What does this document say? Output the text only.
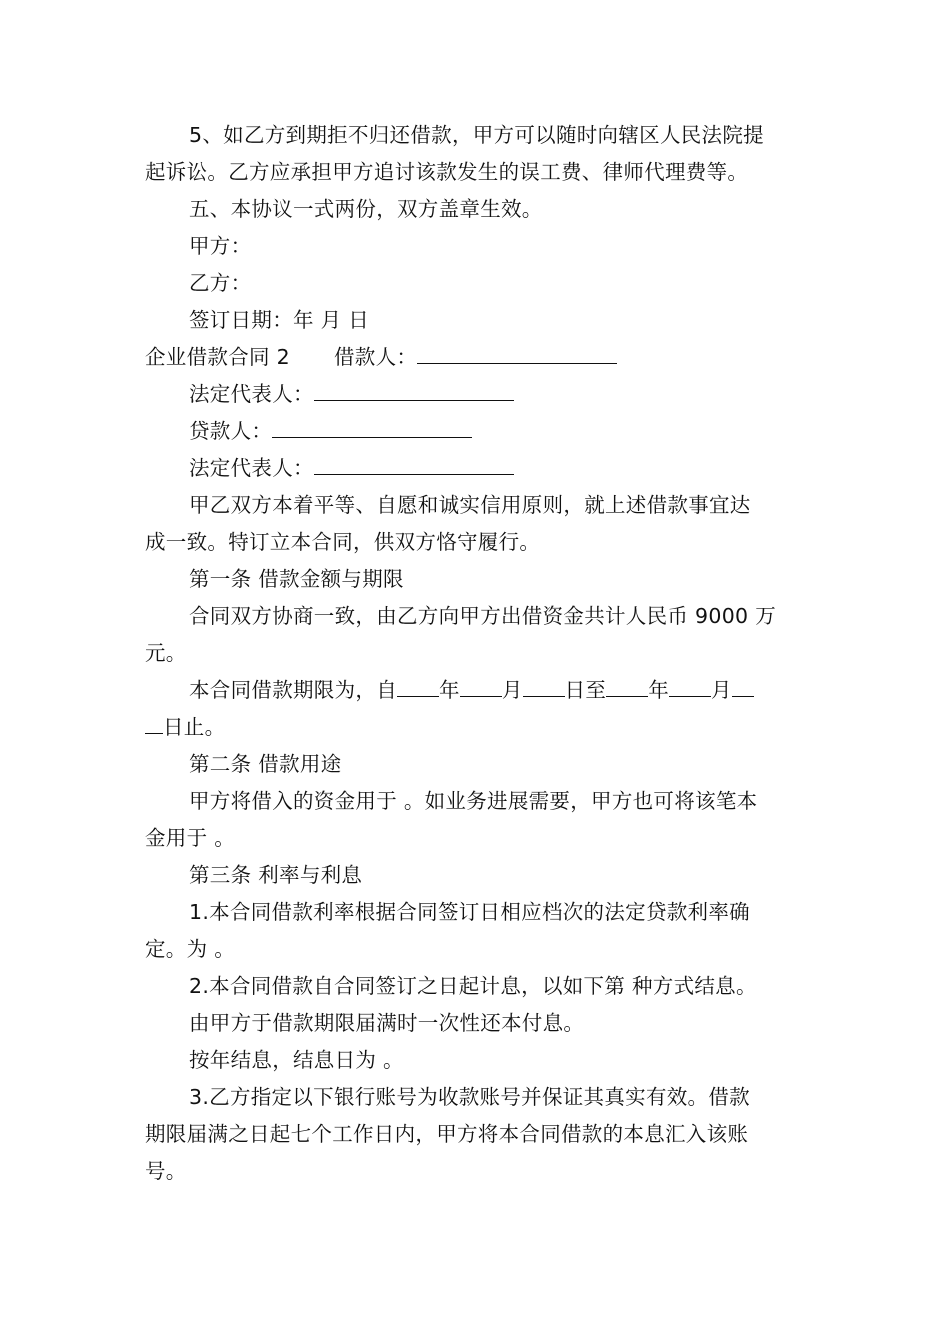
5、如乙方到期拒不归还借款，甲方可以随时向辖区人民法院提

起诉讼。乙方应承担甲方追讨该款发生的误工费、律师代理费等。

五、本协议一式两份，双方盖章生效。

甲方：

乙方：

签订日期：年 月 日

企业借款合同 2 借款人：

法定代表人：

贷款人：

法定代表人：

甲乙双方本着平等、自愿和诚实信用原则，就上述借款事宜达

成一致。特订立本合同，供双方恪守履行。

第一条 借款金额与期限

合同双方协商一致，由乙方向甲方出借资金共计人民币 9000 万

元。

本合同借款期限为，自 年 月 日至 年 月

日止。

第二条 借款用途

甲方将借入的资金用于 。如业务进展需要，甲方也可将该笔本

金用于 。

第三条 利率与利息

1.本合同借款利率根据合同签订日相应档次的法定贷款利率确

定。为 。

2.本合同借款自合同签订之日起计息，以如下第 种方式结息。

由甲方于借款期限届满时一次性还本付息。

按年结息，结息日为 。

3.乙方指定以下银行账号为收款账号并保证其真实有效。借款

期限届满之日起七个工作日内，甲方将本合同借款的本息汇入该账

号。
